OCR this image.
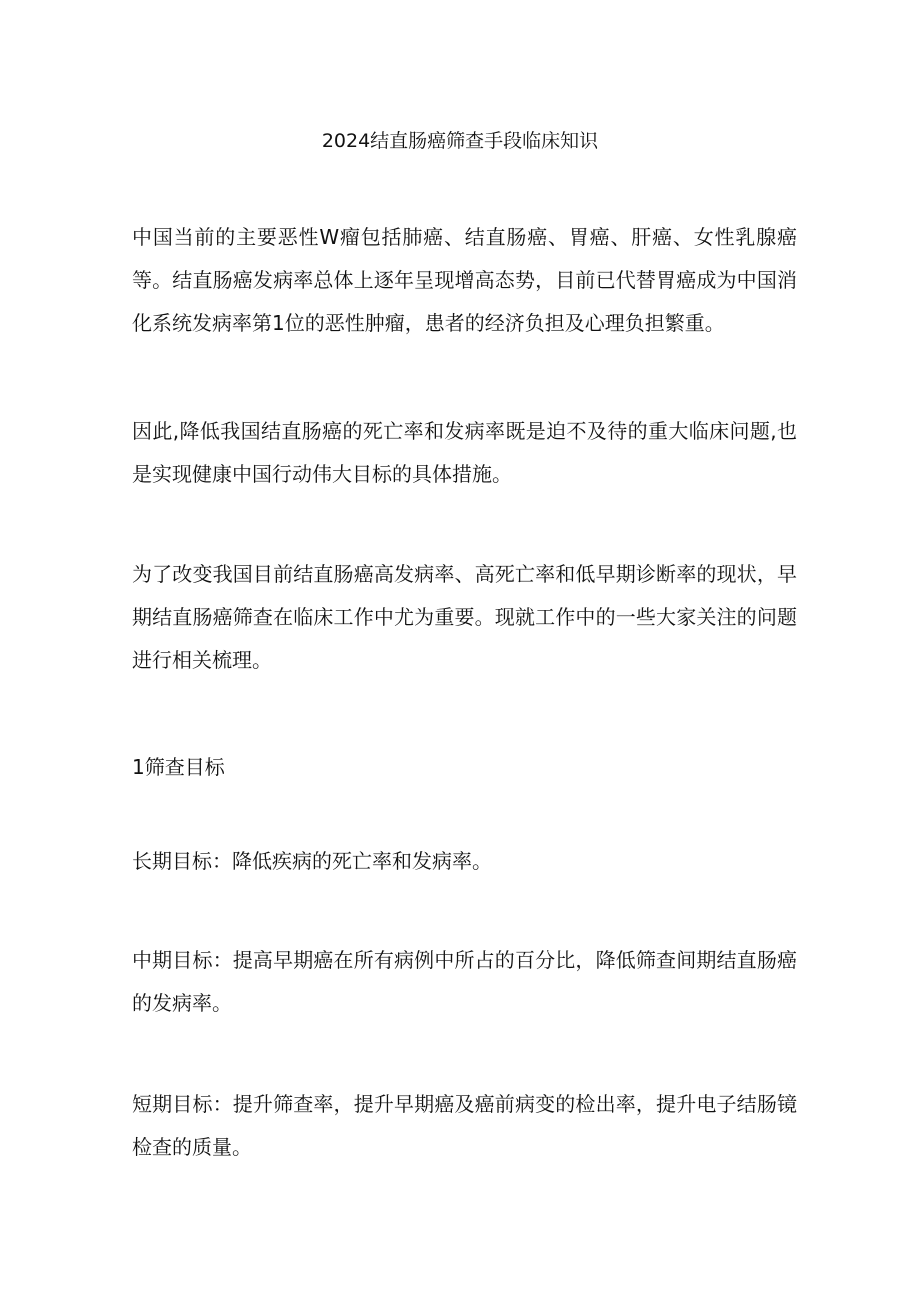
2024结直肠癌筛查手段临床知识

中国当前的主要恶性W瘤包括肺癌、结直肠癌、胃癌、肝癌、女性乳腺癌等。结直肠癌发病率总体上逐年呈现增高态势，目前已代替胃癌成为中国消化系统发病率第1位的恶性肿瘤，患者的经济负担及心理负担繁重。

因此,降低我国结直肠癌的死亡率和发病率既是迫不及待的重大临床问题,也是实现健康中国行动伟大目标的具体措施。

为了改变我国目前结直肠癌高发病率、高死亡率和低早期诊断率的现状，早期结直肠癌筛查在临床工作中尤为重要。现就工作中的一些大家关注的问题进行相关梳理。

1筛查目标

长期目标：降低疾病的死亡率和发病率。

中期目标：提高早期癌在所有病例中所占的百分比，降低筛查间期结直肠癌的发病率。

短期目标：提升筛查率，提升早期癌及癌前病变的检出率，提升电子结肠镜检查的质量。
